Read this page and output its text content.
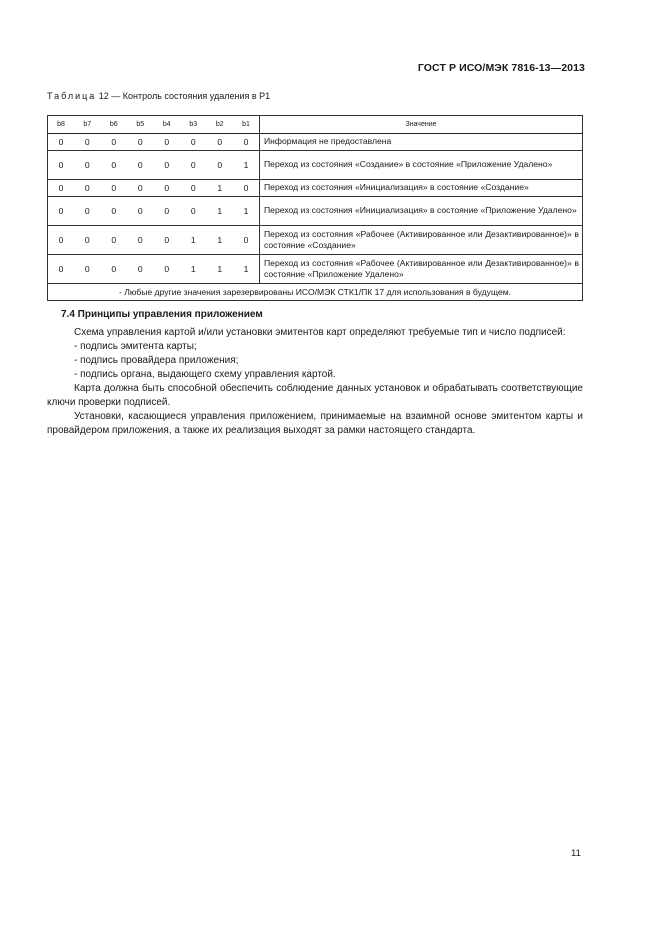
ГОСТ Р ИСО/МЭК 7816-13—2013
Таблица 12 — Контроль состояния удаления в P1
b8	b7	b6	b5	b4	b3	b2	b1	Значение
0	0	0	0	0	0	0	0	Информация не предоставлена
0	0	0	0	0	0	0	1	Переход из состояния «Создание» в состояние «Приложение Удалено»
0	0	0	0	0	0	1	0	Переход из состояния «Инициализация» в состояние «Создание»
0	0	0	0	0	0	1	1	Переход из состояния «Инициализация» в состояние «Приложение Удалено»
0	0	0	0	0	1	1	0	Переход из состояния «Рабочее (Активированное или Дезактивированное)» в состояние «Создание»
0	0	0	0	0	1	1	1	Переход из состояния «Рабочее (Активированное или Дезактивированное)» в состояние «Приложение Удалено»
- Любые другие значения зарезервированы ИСО/МЭК СТК1/ПК 17 для использования в будущем.								
7.4 Принципы управления приложением

Схема управления картой и/или установки эмитентов карт определяют требуемые тип и число подписей:

- подпись эмитента карты;

- подпись провайдера приложения;

- подпись органа, выдающего схему управления картой.

Карта должна быть способной обеспечить соблюдение данных установок и обрабатывать соответствующие ключи проверки подписей.

Установки, касающиеся управления приложением, принимаемые на взаимной основе эмитентом карты и провайдером приложения, а также их реализация выходят за рамки настоящего стандарта.

11
